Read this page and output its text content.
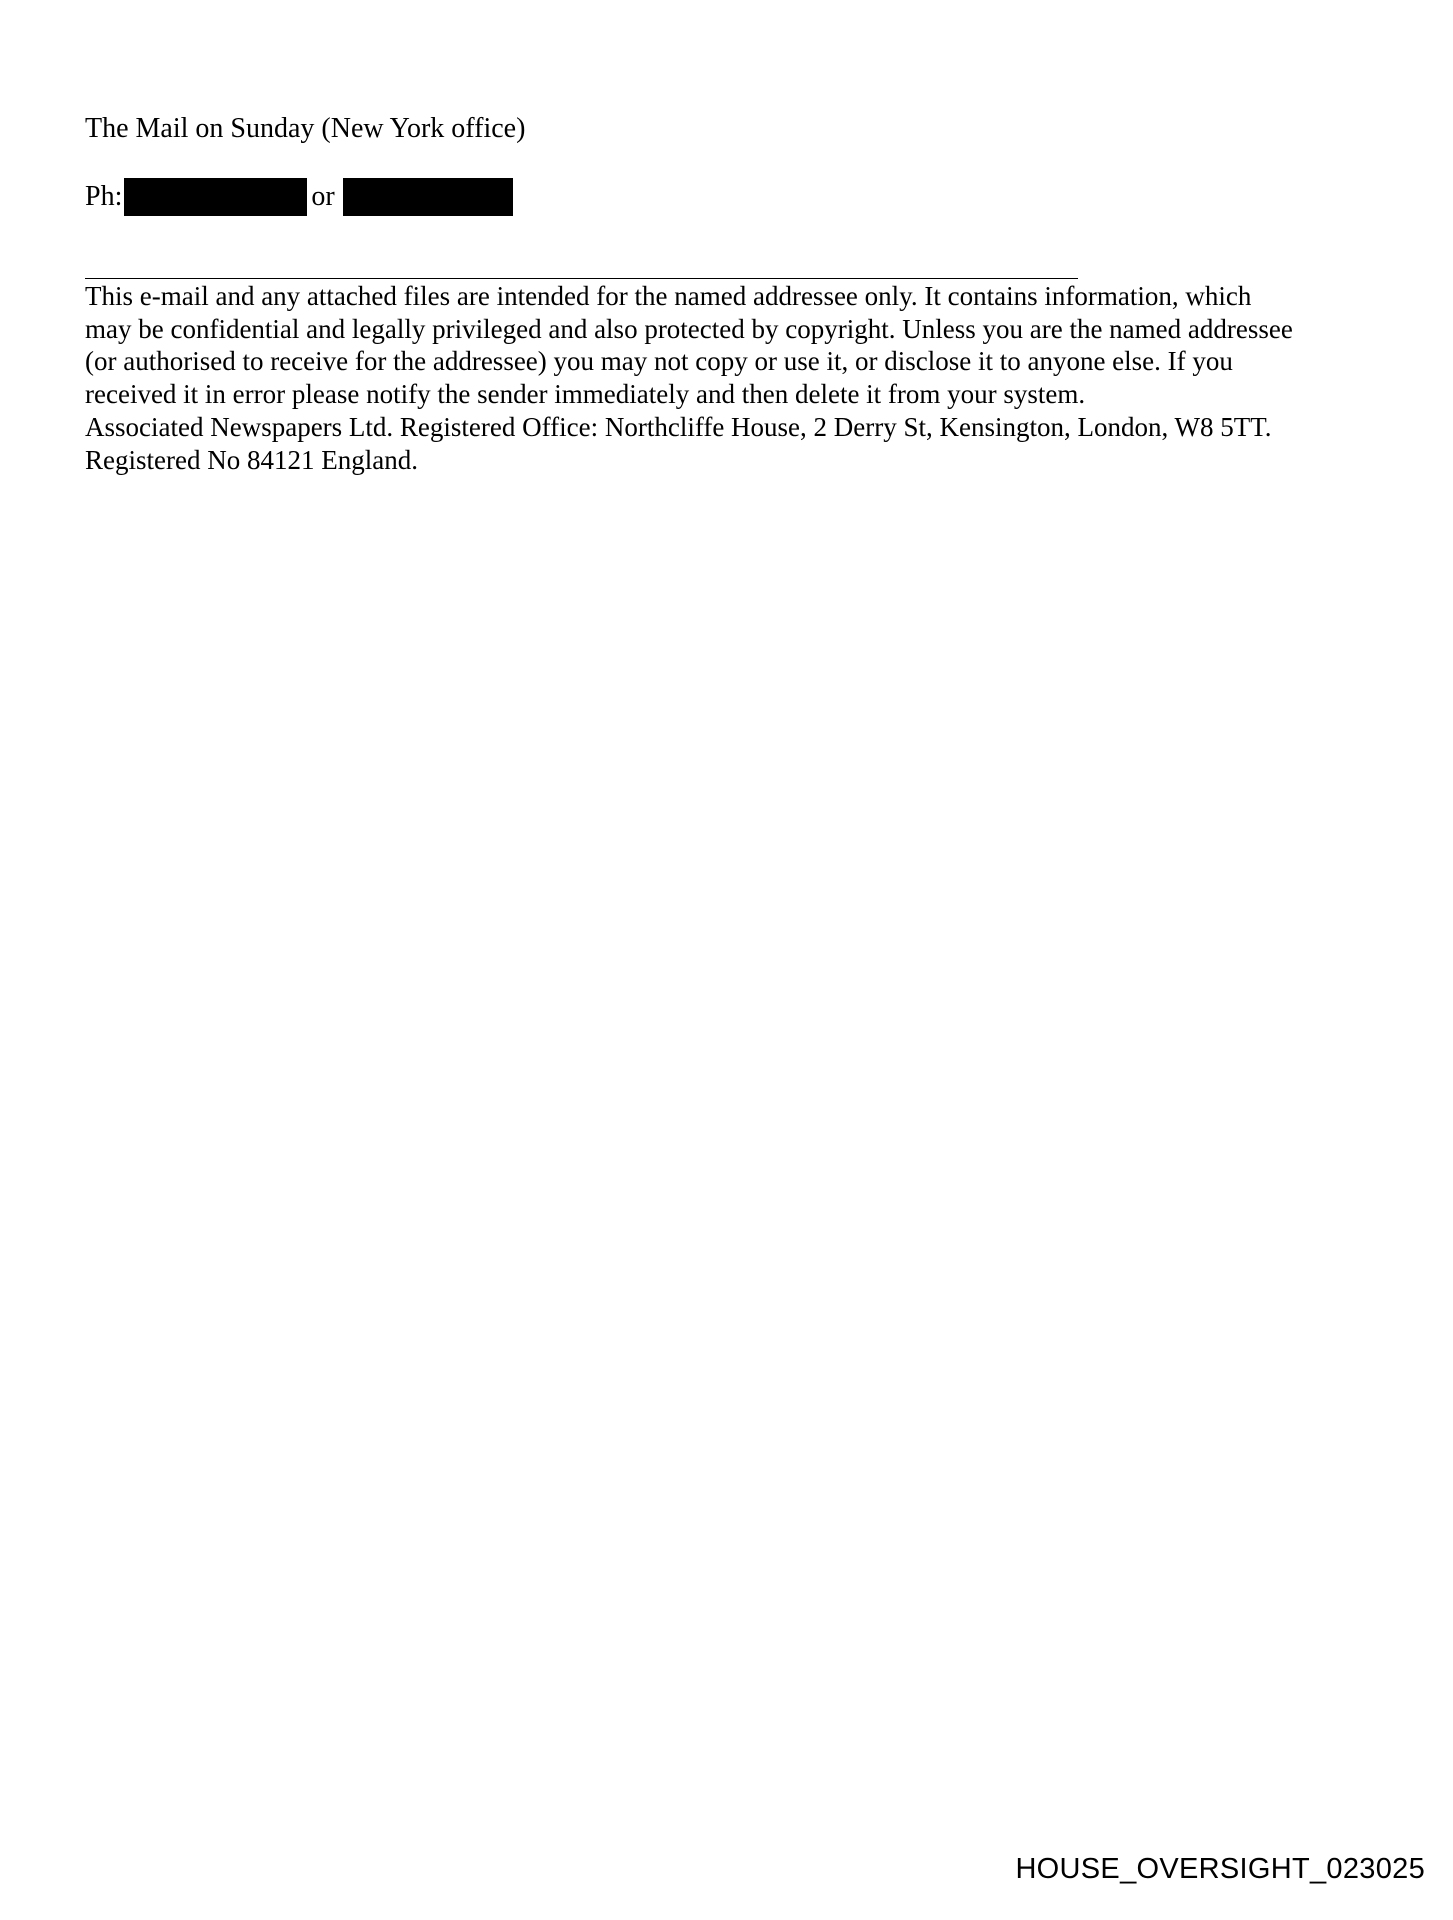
The Mail on Sunday (New York office)
Ph:	or

This e-mail and any attached files are intended for the named addressee only. It contains information, which

may be confidential and legally privileged and also protected by copyright. Unless you are the named addressee

(or authorised to receive for the addressee) you may not copy or use it, or disclose it to anyone else. If you

received it in error please notify the sender immediately and then delete it from your system.

Associated Newspapers Ltd. Registered Office: Northcliffe House, 2 Derry St, Kensington, London, W8 5TT.

Registered No 84121 England.

HOUSE_OVERSIGHT_023025
